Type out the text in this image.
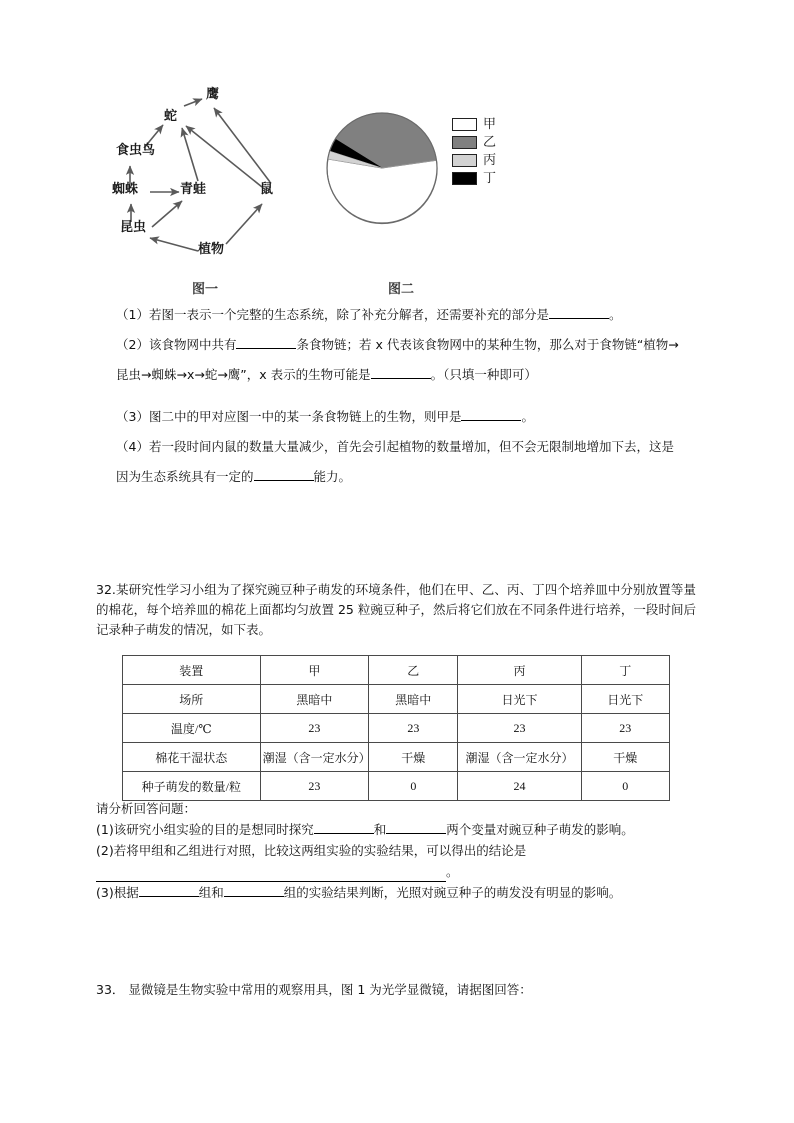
鹰
蛇
食虫鸟
蜘蛛	青蛙	鼠
昆虫
植物
甲
乙
丙
丁
图一	图二

（1）若图一表示一个完整的生态系统，除了补充分解者，还需要补充的部分是	。

（2）该食物网中共有	条食物链；若 x 代表该食物网中的某种生物，那么对于食物链“植物→昆虫→蜘蛛→x→蛇→鹰”，x 表示的生物可能是	。（只填一种即可）

（3）图二中的甲对应图一中的某一条食物链上的生物，则甲是	。

（4）若一段时间内鼠的数量大量减少，首先会引起植物的数量增加，但不会无限制地增加下去，这是因为生态系统具有一定的	能力。

32.某研究性学习小组为了探究豌豆种子萌发的环境条件，他们在甲、乙、丙、丁四个培养皿中分别放置等量的棉花，每个培养皿的棉花上面都均匀放置 25 粒豌豆种子，然后将它们放在不同条件进行培养，一段时间后记录种子萌发的情况，如下表。
装置	甲	乙	丙	丁
场所	黑暗中	黑暗中	日光下	日光下
温度/℃	23	23	23	23
棉花干湿状态	潮湿（含一定水分）	干燥	潮湿（含一定水分）	干燥
种子萌发的数量/粒	23	0	24	0

请分析回答问题：

(1)该研究小组实验的目的是想同时探究	和	两个变量对豌豆种子萌发的影响。

(2)若将甲组和乙组进行对照，比较这两组实验的实验结果，可以得出的结论是

。

(3)根据	组和	组的实验结果判断，光照对豌豆种子的萌发没有明显的影响。

33． 显微镜是生物实验中常用的观察用具，图 1 为光学显微镜，请据图回答：
